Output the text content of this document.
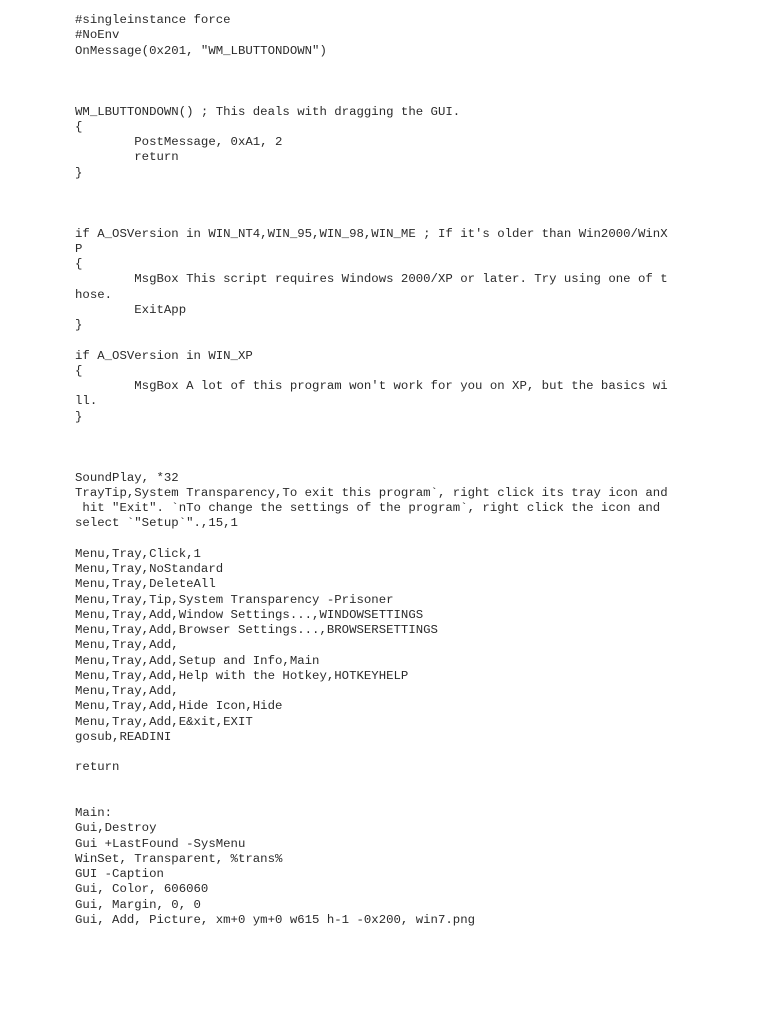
#singleinstance force
#NoEnv
OnMessage(0x201, "WM_LBUTTONDOWN")
WM_LBUTTONDOWN() ; This deals with dragging the GUI.
{
PostMessage, 0xA1, 2
return
}
if A_OSVersion in WIN_NT4,WIN_95,WIN_98,WIN_ME ; If it's older than Win2000/WinX
P
{
MsgBox This script requires Windows 2000/XP or later. Try using one of t
hose.
ExitApp
}
if A_OSVersion in WIN_XP
{
MsgBox A lot of this program won't work for you on XP, but the basics wi
ll.
}
SoundPlay, *32
TrayTip,System Transparency,To exit this program`, right click its tray icon and
hit "Exit". `nTo change the settings of the program`, right click the icon and
select `"Setup`".,15,1
Menu,Tray,Click,1
Menu,Tray,NoStandard
Menu,Tray,DeleteAll
Menu,Tray,Tip,System Transparency -Prisoner
Menu,Tray,Add,Window Settings...,WINDOWSETTINGS
Menu,Tray,Add,Browser Settings...,BROWSERSETTINGS
Menu,Tray,Add,
Menu,Tray,Add,Setup and Info,Main
Menu,Tray,Add,Help with the Hotkey,HOTKEYHELP
Menu,Tray,Add,
Menu,Tray,Add,Hide Icon,Hide
Menu,Tray,Add,E&xit,EXIT
gosub,READINI
return
Main:
Gui,Destroy
Gui +LastFound -SysMenu
WinSet, Transparent, %trans%
GUI -Caption
Gui, Color, 606060
Gui, Margin, 0, 0
Gui, Add, Picture, xm+0 ym+0 w615 h-1 -0x200, win7.png
